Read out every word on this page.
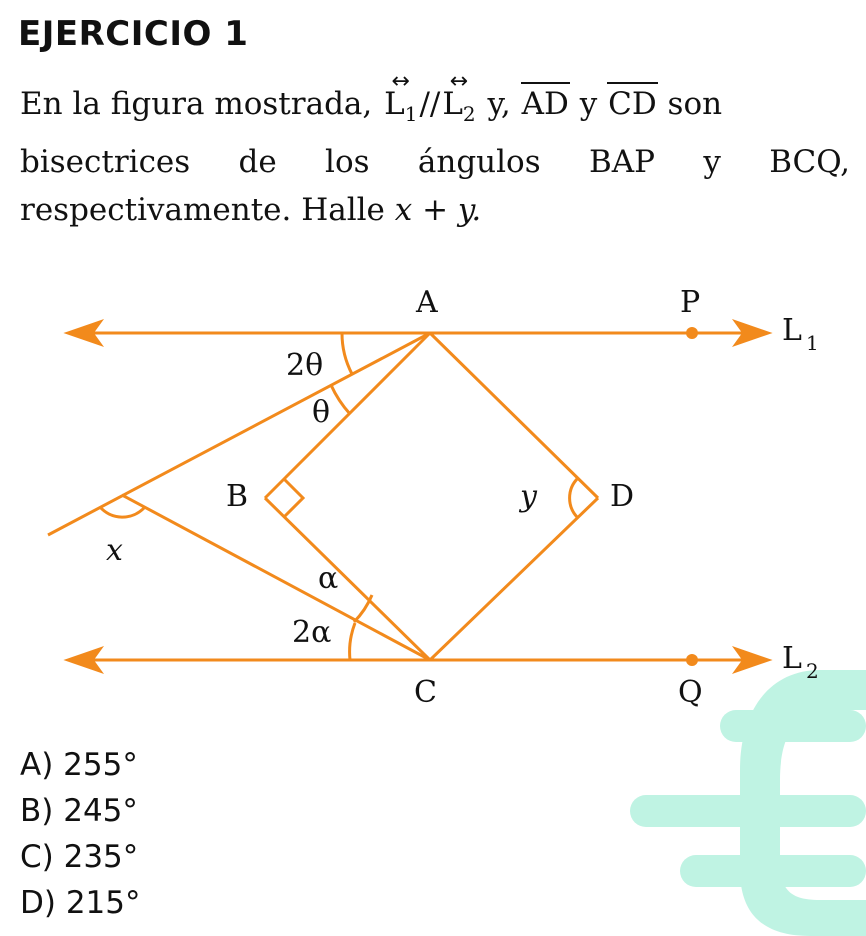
EJERCICIO 1
En la figura mostrada, ↔ $L_1//\leftrightarrow$ $L_2$ y, AD y CD son
bisectrices de los ángulos BAP y BCQ,
respectivamente. Halle x + y.
A	P
L 1
B	D
C	Q
L 2
2θ
θ
x
y
α
2α
A) 255°
B) 245°
C) 235°
D) 215°
